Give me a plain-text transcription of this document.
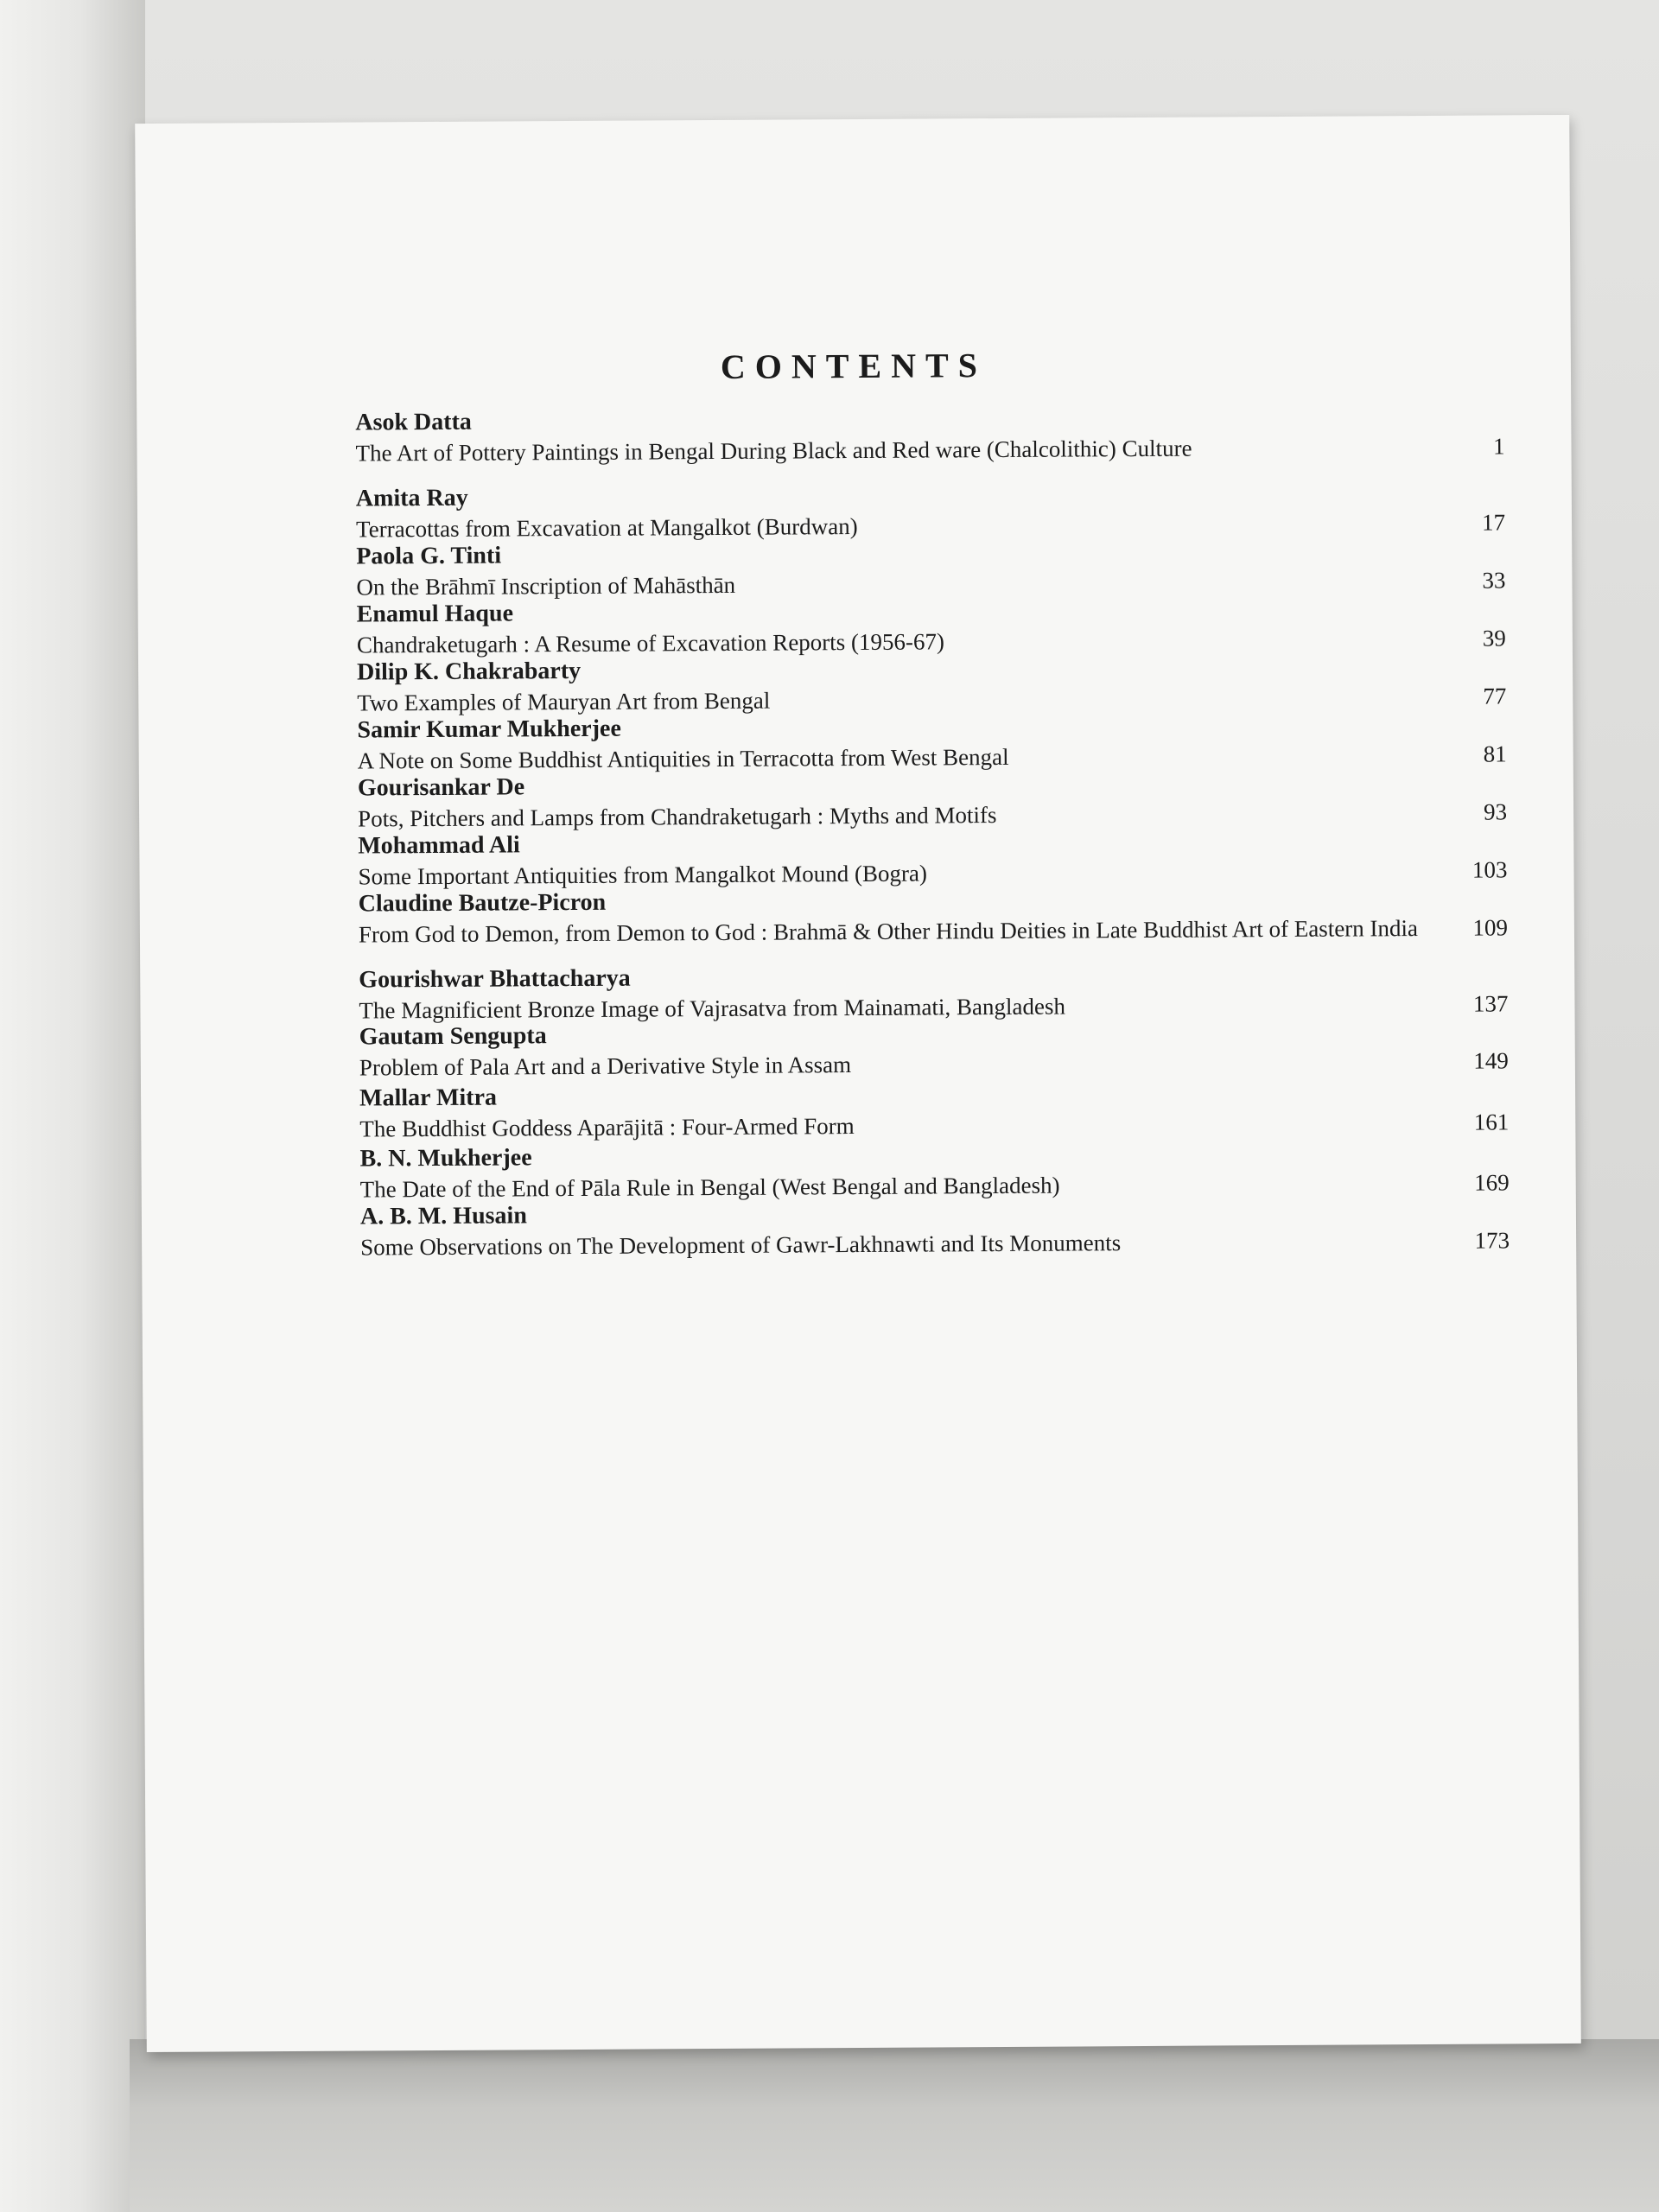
CONTENTS
Asok Datta
The Art of Pottery Paintings in Bengal During Black and Red ware (Chalcolithic) Culture	1
Amita Ray
Terracottas from Excavation at Mangalkot (Burdwan)	17
Paola G. Tinti
On the Brāhmī Inscription of Mahāsthān	33
Enamul Haque
Chandraketugarh : A Resume of Excavation Reports (1956-67)	39
Dilip K. Chakrabarty
Two Examples of Mauryan Art from Bengal	77
Samir Kumar Mukherjee
A Note on Some Buddhist Antiquities in Terracotta from West Bengal	81
Gourisankar De
Pots, Pitchers and Lamps from Chandraketugarh : Myths and Motifs	93
Mohammad Ali
Some Important Antiquities from Mangalkot Mound (Bogra)	103
Claudine Bautze-Picron
From God to Demon, from Demon to God : Brahmā & Other Hindu Deities in Late Buddhist Art of Eastern India 109
Gourishwar Bhattacharya
The Magnificient Bronze Image of Vajrasatva from Mainamati, Bangladesh	137
Gautam Sengupta
Problem of Pala Art and a Derivative Style in Assam	149
Mallar Mitra
The Buddhist Goddess Aparājitā : Four-Armed Form	161
B. N. Mukherjee
The Date of the End of Pāla Rule in Bengal (West Bengal and Bangladesh)	169
A. B. M. Husain
Some Observations on The Development of Gawr-Lakhnawti and Its Monuments	173
